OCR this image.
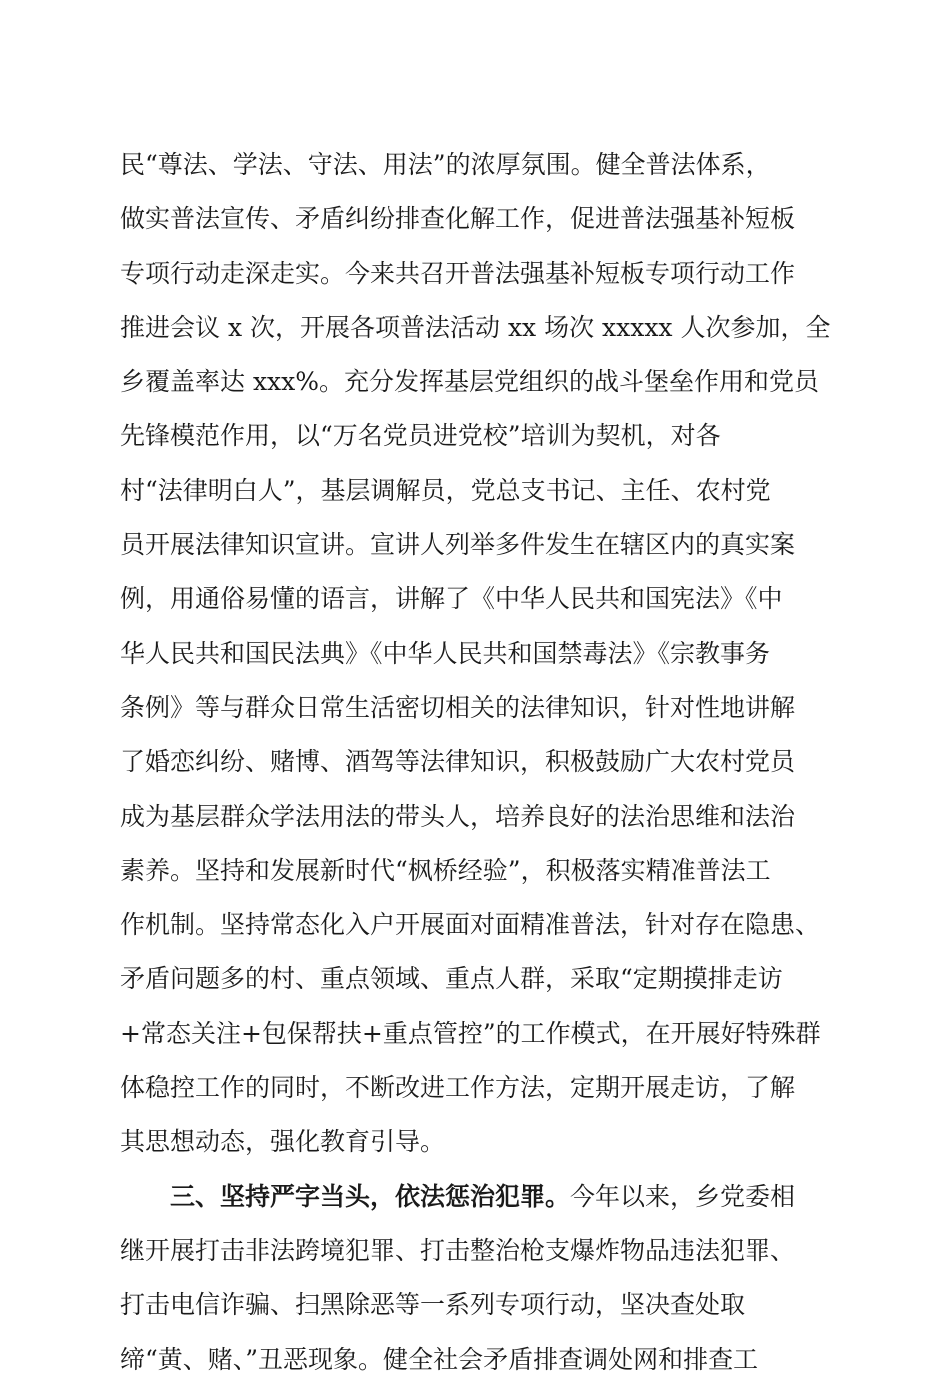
民“尊法、学法、守法、用法”的浓厚氛围。健全普法体系，
做实普法宣传、矛盾纠纷排查化解工作，促进普法强基补短板
专项行动走深走实。今来共召开普法强基补短板专项行动工作
推进会议 x 次，开展各项普法活动 xx 场次 xxxxx 人次参加，全
乡覆盖率达 xxx%。充分发挥基层党组织的战斗堡垒作用和党员
先锋模范作用，以“万名党员进党校”培训为契机，对各
村“法律明白人”，基层调解员，党总支书记、主任、农村党
员开展法律知识宣讲。宣讲人列举多件发生在辖区内的真实案
例，用通俗易懂的语言，讲解了《中华人民共和国宪法》《中
华人民共和国民法典》《中华人民共和国禁毒法》《宗教事务
条例》等与群众日常生活密切相关的法律知识，针对性地讲解
了婚恋纠纷、赌博、酒驾等法律知识，积极鼓励广大农村党员
成为基层群众学法用法的带头人，培养良好的法治思维和法治
素养。坚持和发展新时代“枫桥经验”，积极落实精准普法工
作机制。坚持常态化入户开展面对面精准普法，针对存在隐患、
矛盾问题多的村、重点领域、重点人群，采取“定期摸排走访
+常态关注+包保帮扶+重点管控”的工作模式，在开展好特殊群
体稳控工作的同时，不断改进工作方法，定期开展走访，了解
其思想动态，强化教育引导。
三、坚持严字当头，依法惩治犯罪。今年以来，乡党委相
继开展打击非法跨境犯罪、打击整治枪支爆炸物品违法犯罪、
打击电信诈骗、扫黑除恶等一系列专项行动，坚决查处取
缔“黄、赌、”丑恶现象。健全社会矛盾排查调处网和排查工
